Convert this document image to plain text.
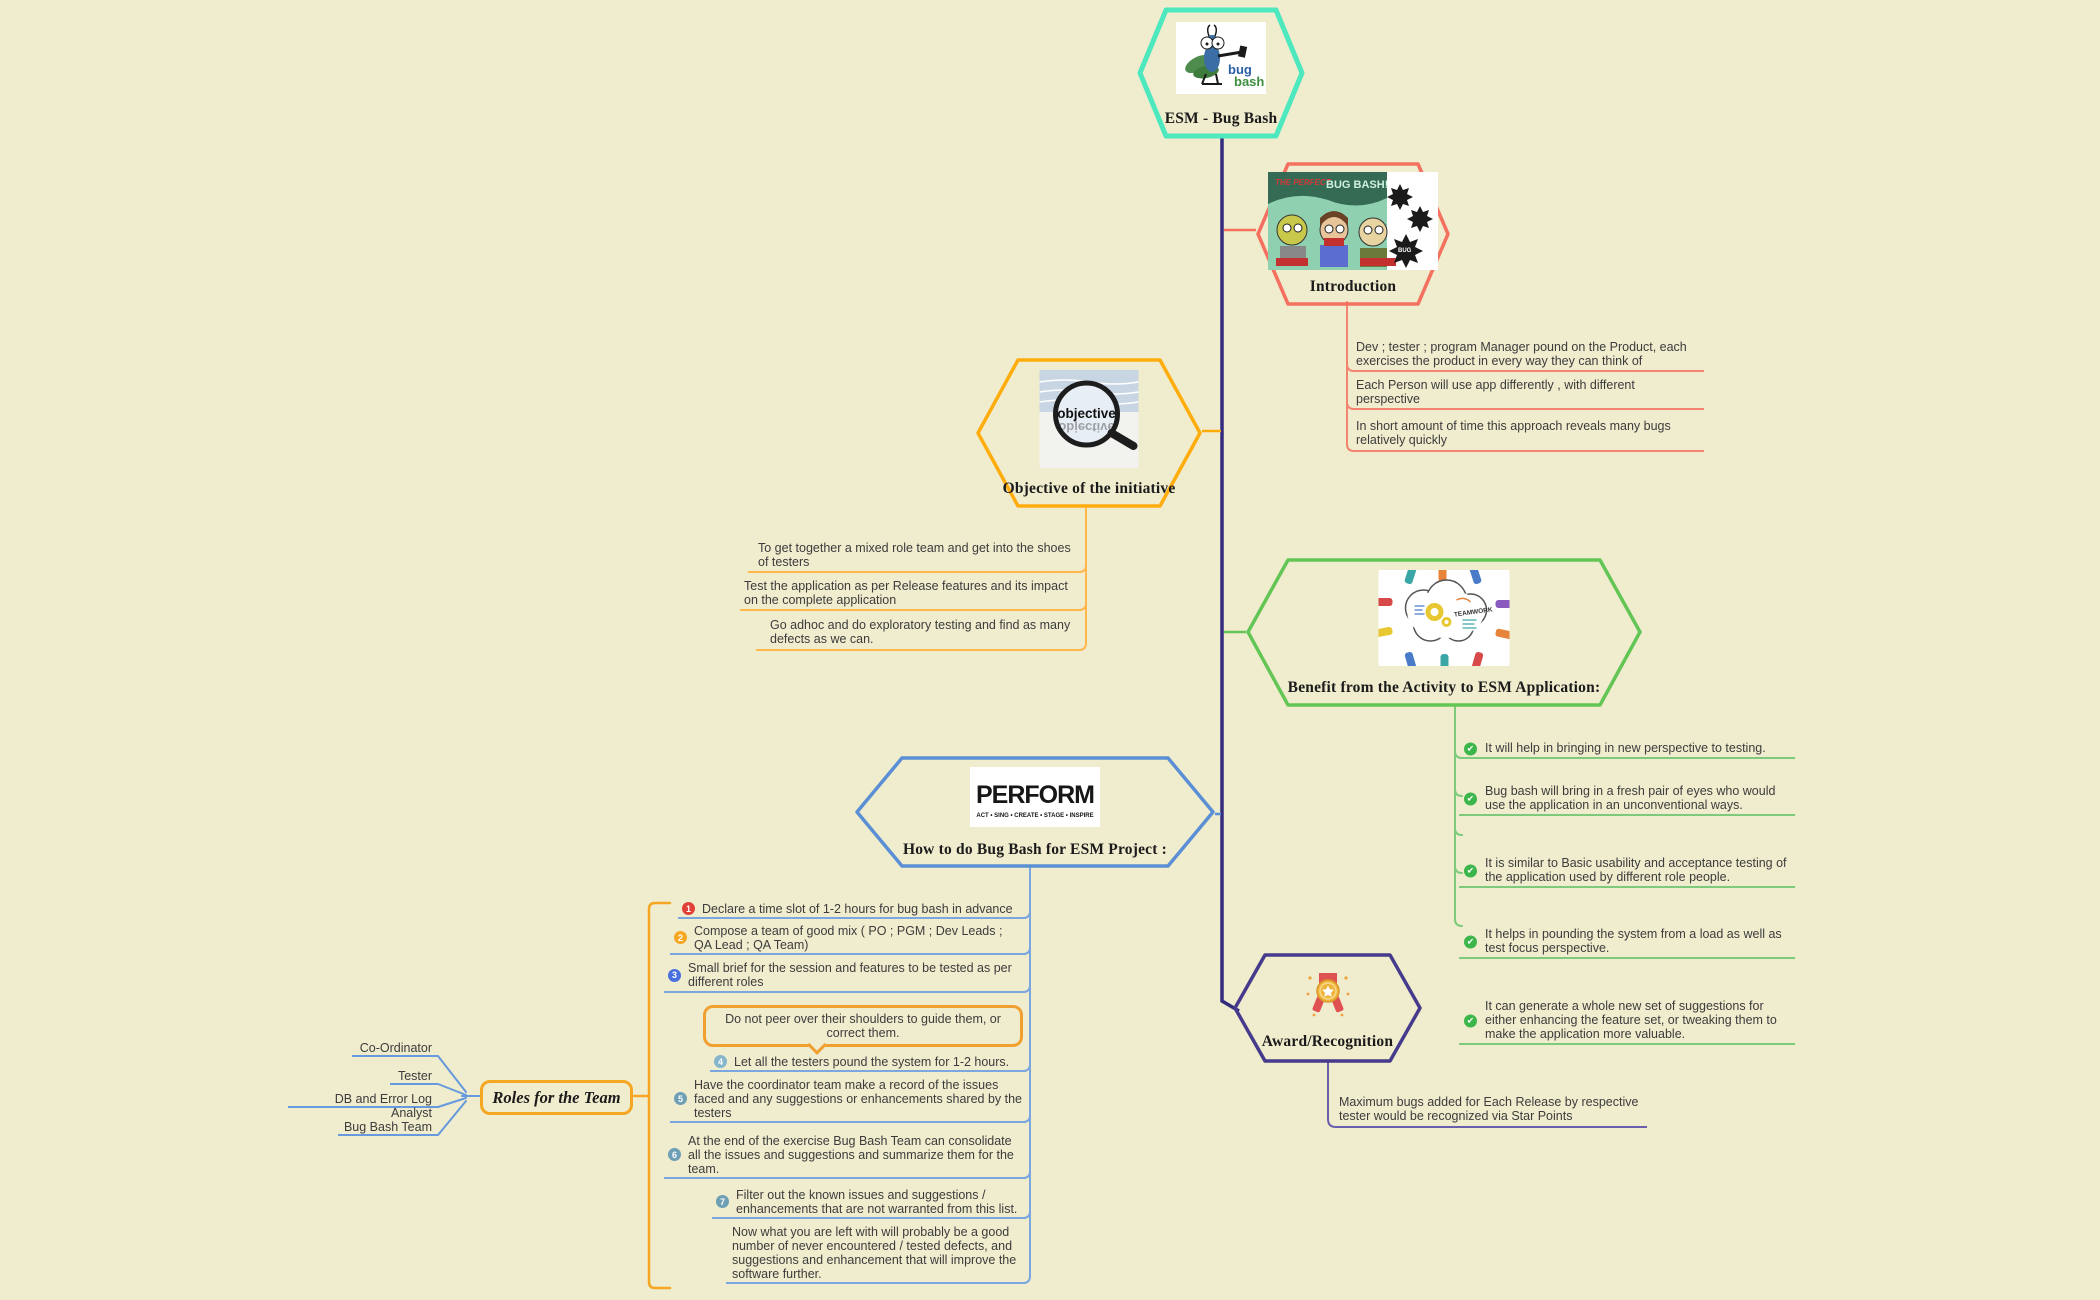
bug
bash
ESM - Bug Bash
THE PERFECT
BUG BASH!
BUG
Introduction
Dev ; tester ; program Manager pound on the Product, each exercises the product in every way they can think of
Each Person will use app differently , with different perspective
In short amount of time this approach reveals many bugs relatively quickly
objective
objective
Objective of the initiative
To get together a mixed role team and get into the shoes of testers
Test the application as per Release features and its impact on the complete application
Go adhoc and do exploratory testing and find as many defects as we can.
TEAMWORK
Benefit from the Activity to ESM Application:
✔ It will help in bringing in new perspective to testing.
✔
Bug bash will bring in a fresh pair of eyes who would use the application in an unconventional ways.
✔
It is similar to Basic usability and acceptance testing of the application used by different role people.
✔
It helps in pounding the system from a load as well as test focus perspective.
✔
It can generate a whole new set of suggestions for either enhancing the feature set, or tweaking them to make the application more valuable.
PERFORM
ACT • SING • CREATE • STAGE • INSPIRE
How to do Bug Bash for ESM Project :
1 Declare a time slot of 1-2 hours for bug bash in advance
2 Compose a team of good mix ( PO ; PGM ; Dev Leads ; QA Lead ; QA Team)
3 Small brief for the session and features to be tested as per different roles
Do not peer over their shoulders to guide them, or correct them.
4 Let all the testers pound the system for 1-2 hours.
5
Have the coordinator team make a record of the issues faced and any suggestions or enhancements shared by the testers
6
At the end of the exercise Bug Bash Team can consolidate all the issues and suggestions and summarize them for the team.
7 Filter out the known issues and suggestions / enhancements that are not warranted from this list.
Now what you are left with will probably be a good number of never encountered / tested defects, and suggestions and enhancement that will improve the software further.
Roles for the Team
Co-Ordinator
Tester
DB and Error Log Analyst
Bug Bash Team
Award/Recognition
Maximum bugs added for Each Release by respective tester would be recognized via Star Points
